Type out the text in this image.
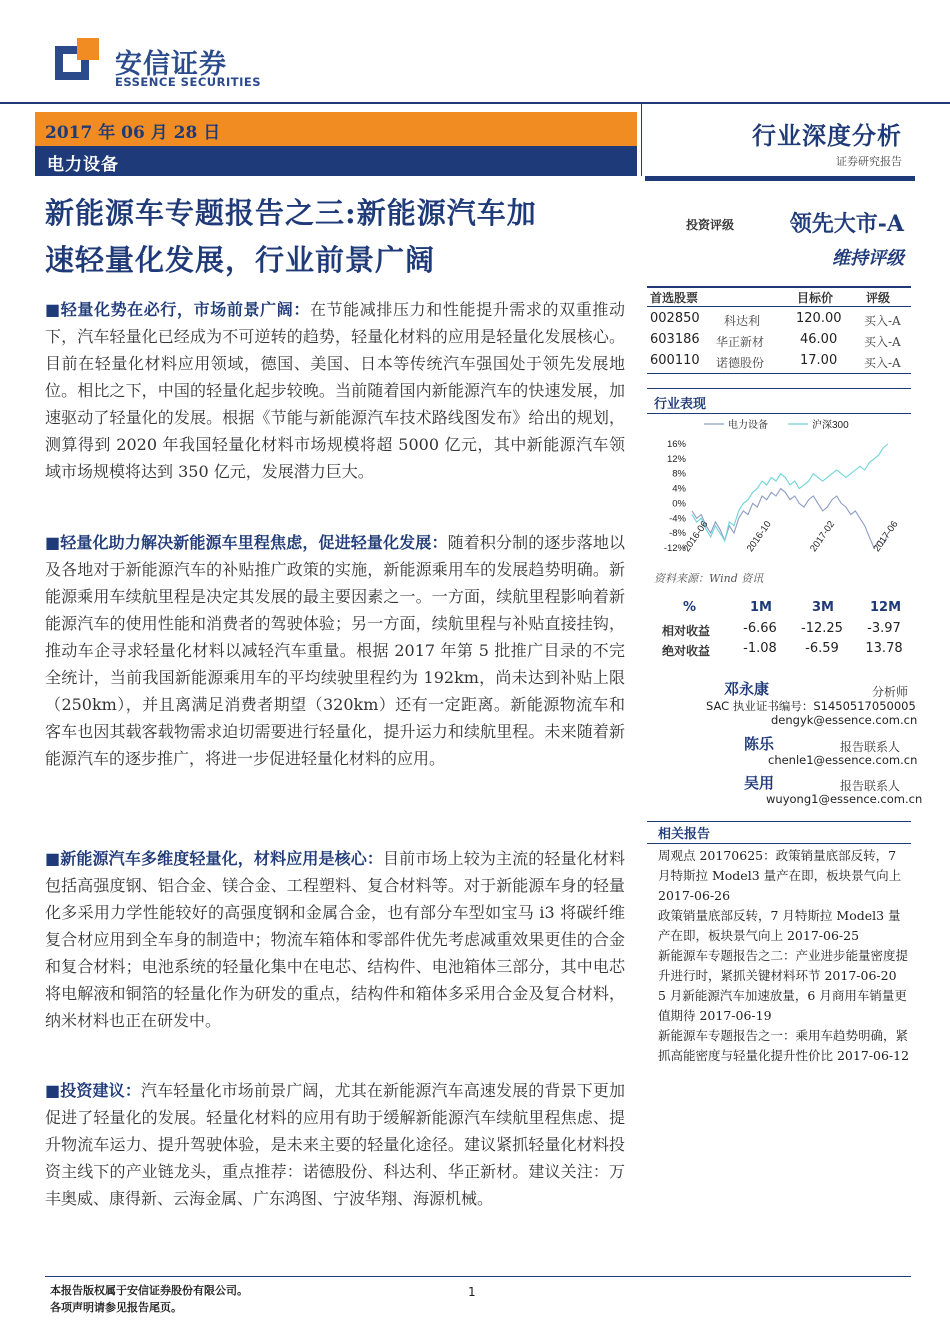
安信证券
ESSENCE SECURITIES
2017 年 06 月 28 日
电力设备
行业深度分析
证券研究报告
新能源车专题报告之三:新能源汽车加
速轻量化发展，行业前景广阔
■轻量化势在必行，市场前景广阔：在节能减排压力和性能提升需求的双重推动下，汽车轻量化已经成为不可逆转的趋势，轻量化材料的应用是轻量化发展核心。目前在轻量化材料应用领域，德国、美国、日本等传统汽车强国处于领先发展地位。相比之下，中国的轻量化起步较晚。当前随着国内新能源汽车的快速发展，加速驱动了轻量化的发展。根据《节能与新能源汽车技术路线图发布》给出的规划，测算得到 2020 年我国轻量化材料市场规模将超 5000 亿元，其中新能源汽车领域市场规模将达到 350 亿元，发展潜力巨大。
■轻量化助力解决新能源车里程焦虑，促进轻量化发展：随着积分制的逐步落地以及各地对于新能源汽车的补贴推广政策的实施，新能源乘用车的发展趋势明确。新能源乘用车续航里程是决定其发展的最主要因素之一。一方面，续航里程影响着新能源汽车的使用性能和消费者的驾驶体验；另一方面，续航里程与补贴直接挂钩，推动车企寻求轻量化材料以减轻汽车重量。根据 2017 年第 5 批推广目录的不完全统计，当前我国新能源乘用车的平均续驶里程约为 192km，尚未达到补贴上限（250km），并且离满足消费者期望（320km）还有一定距离。新能源物流车和客车也因其载客载物需求迫切需要进行轻量化，提升运力和续航里程。未来随着新能源汽车的逐步推广，将进一步促进轻量化材料的应用。
■新能源汽车多维度轻量化，材料应用是核心：目前市场上较为主流的轻量化材料包括高强度钢、铝合金、镁合金、工程塑料、复合材料等。对于新能源车身的轻量化多采用力学性能较好的高强度钢和金属合金，也有部分车型如宝马 i3 将碳纤维复合材应用到全车身的制造中；物流车箱体和零部件优先考虑减重效果更佳的合金和复合材料；电池系统的轻量化集中在电芯、结构件、电池箱体三部分，其中电芯将电解液和铜箔的轻量化作为研发的重点，结构件和箱体多采用合金及复合材料，纳米材料也正在研发中。
■投资建议：汽车轻量化市场前景广阔，尤其在新能源汽车高速发展的背景下更加促进了轻量化的发展。轻量化材料的应用有助于缓解新能源汽车续航里程焦虑、提升物流车运力、提升驾驶体验，是未来主要的轻量化途径。建议紧抓轻量化材料投资主线下的产业链龙头，重点推荐：诺德股份、科达利、华正新材。建议关注：万丰奥威、康得新、云海金属、广东鸿图、宁波华翔、海源机械。
投资评级	领先大市-A
维持评级
首选股票	目标价	评级
002850 科达利	120.00 买入-A
603186 华正新材	46.00 买入-A
600110 诺德股份	17.00 买入-A
行业表现
电力设备	沪深300
16%
12%
8%
4%
0%
-4%
-8%
-12%
2016-06	2016-10	2017-02	2017-06
资料来源：Wind 资讯
%	1M	3M	12M
相对收益	-6.66	-12.25	-3.97
绝对收益	-1.08	-6.59	13.78
邓永康	分析师
SAC 执业证书编号：S1450517050005
dengyk@essence.com.cn
陈乐	报告联系人
chenle1@essence.com.cn
吴用	报告联系人
wuyong1@essence.com.cn
相关报告
周观点 20170625：政策销量底部反转，7 月特斯拉 Model3 量产在即，板块景气向上 2017-06-26
政策销量底部反转，7 月特斯拉 Model3 量产在即，板块景气向上 2017-06-25
新能源车专题报告之二：产业进步能量密度提升进行时，紧抓关键材料环节 2017-06-20
5 月新能源汽车加速放量，6 月商用车销量更值期待 2017-06-19
新能源车专题报告之一：乘用车趋势明确，紧抓高能密度与轻量化提升性价比 2017-06-12
本报告版权属于安信证券股份有限公司。
各项声明请参见报告尾页。
1
